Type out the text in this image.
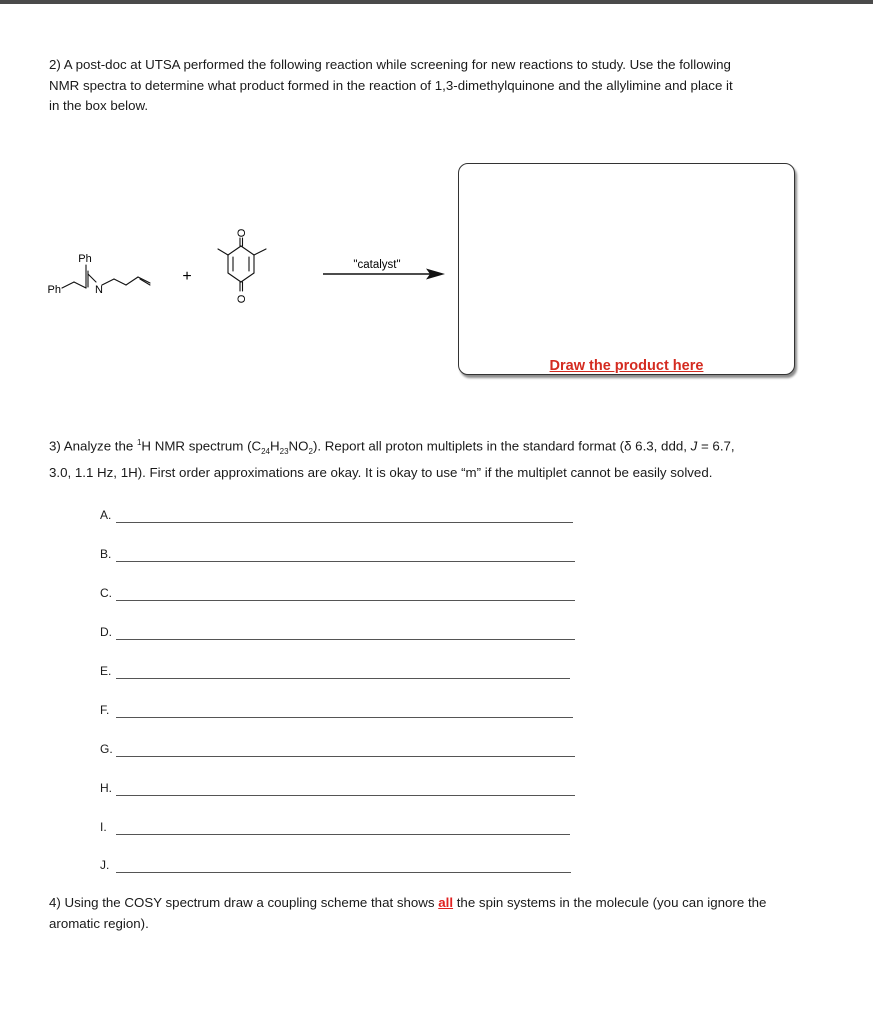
2) A post-doc at UTSA performed the following reaction while screening for new reactions to study. Use the following
NMR spectra to determine what product formed in the reaction of 1,3-dimethylquinone and the allylimine and place it
in the box below.
Ph
Ph	N
+
O
O
"catalyst"
Draw the product here
3) Analyze the $^1$H NMR spectrum $(C_{24}H_{23}NO_2)$. Report all proton multiplets in the standard format (δ 6.3, ddd, J = 6.7,
3.0, 1.1 Hz, 1H). First order approximations are okay. It is okay to use “m” if the multiplet cannot be easily solved.
A.
B.
C.
D.
E.
F.
G.
H.
I.
J.
4) Using the COSY spectrum draw a coupling scheme that shows all the spin systems in the molecule (you can ignore the
aromatic region).
